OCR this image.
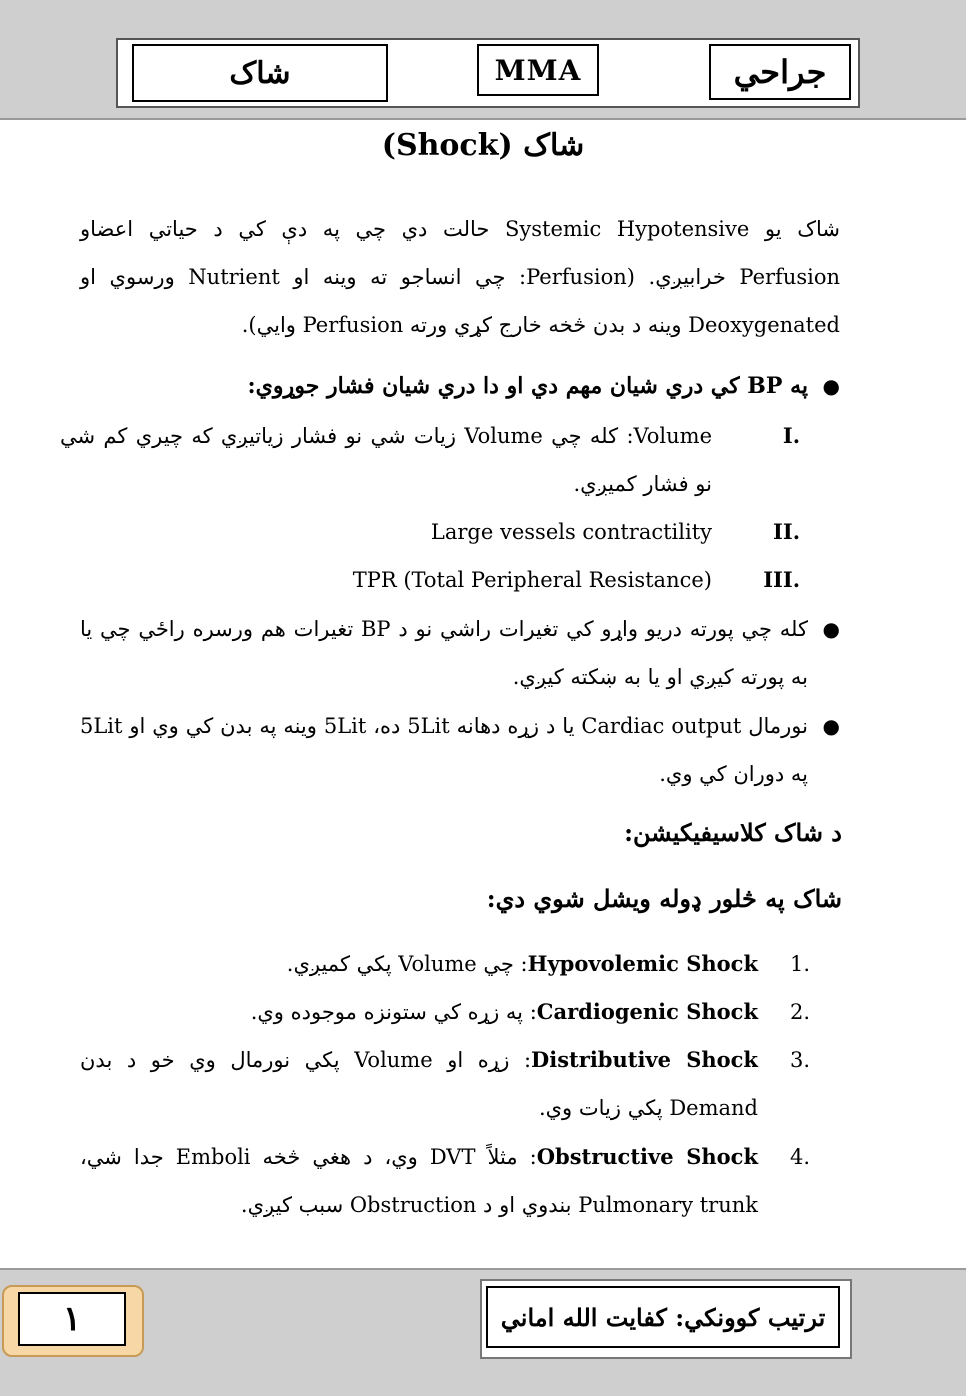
شاک	MMA	جراحي
شاک (Shock)
شاک یو Systemic Hypotensive حالت دي چي په دې کي د حیاتي اعضاو Perfusion خرابیږي. (Perfusion: چي انساجو ته وینه او Nutrient ورسوي او Deoxygenated وینه د بدن څخه خارج کړي ورته Perfusion وایي).
●
په BP کي دري شیان مهم دي او دا دري شیان فشار جوړوي:
.I
Volume: کله چي Volume زیات شي نو فشار زیاتیږي که چیري کم شي نو فشار کمیږي.
.II
Large vessels contractility
.III
(Total Peripheral Resistance) TPR
●
کله چي پورته دریو واړو کي تغیرات راشي نو د BP تغیرات هم ورسره راځي چي یا به پورته کیږي او یا به ښکته کیږي.
●
نورمال Cardiac output یا د زړه دهانه 5Lit ده، 5Lit وینه په بدن کي وي او 5Lit په دوران کي وي.
د شاک کلاسیفیکیشن:
شاک په څلور ډوله ویشل شوي دي:
.1
Hypovolemic Shock: چي Volume پکي کمیږي.
.2
Cardiogenic Shock: په زړه کي ستونزه موجوده وي.
.3
Distributive Shock: زړه او Volume پکي نورمال وي خو د بدن Demand پکي زیات وي.
.4
Obstructive Shock: مثلاً DVT وي، د هغي څخه Emboli جدا شي، Pulmonary trunk بندوي او د Obstruction سبب کیږي.
١	ترتیب کوونکي: کفایت الله اماني
